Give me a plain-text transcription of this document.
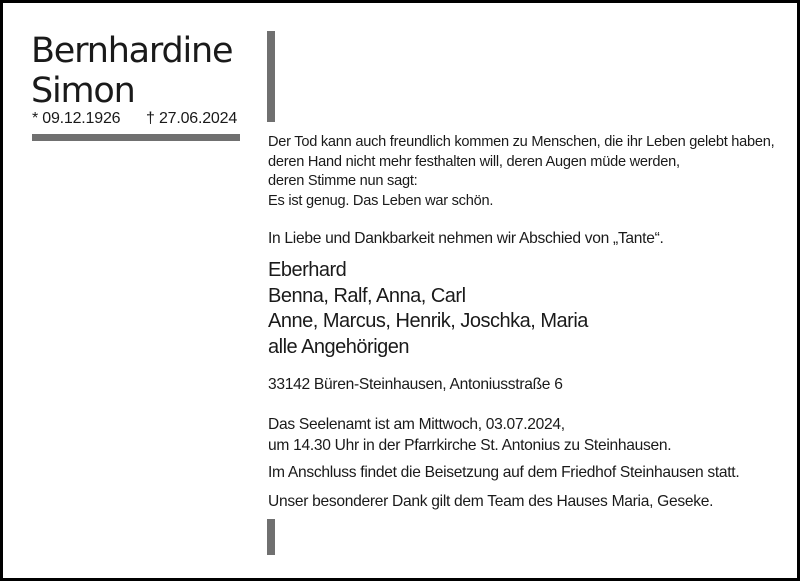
Bernhardine
Simon
* 09.12.1926 † 27.06.2024
Der Tod kann auch freundlich kommen zu Menschen, die ihr Leben gelebt haben,
deren Hand nicht mehr festhalten will, deren Augen müde werden,
deren Stimme nun sagt:
Es ist genug. Das Leben war schön.
In Liebe und Dankbarkeit nehmen wir Abschied von „Tante“.
Eberhard
Benna, Ralf, Anna, Carl
Anne, Marcus, Henrik, Joschka, Maria
alle Angehörigen
33142 Büren-Steinhausen, Antoniusstraße 6
Das Seelenamt ist am Mittwoch, 03.07.2024,
um 14.30 Uhr in der Pfarrkirche St. Antonius zu Steinhausen.
Im Anschluss findet die Beisetzung auf dem Friedhof Steinhausen statt.
Unser besonderer Dank gilt dem Team des Hauses Maria, Geseke.
